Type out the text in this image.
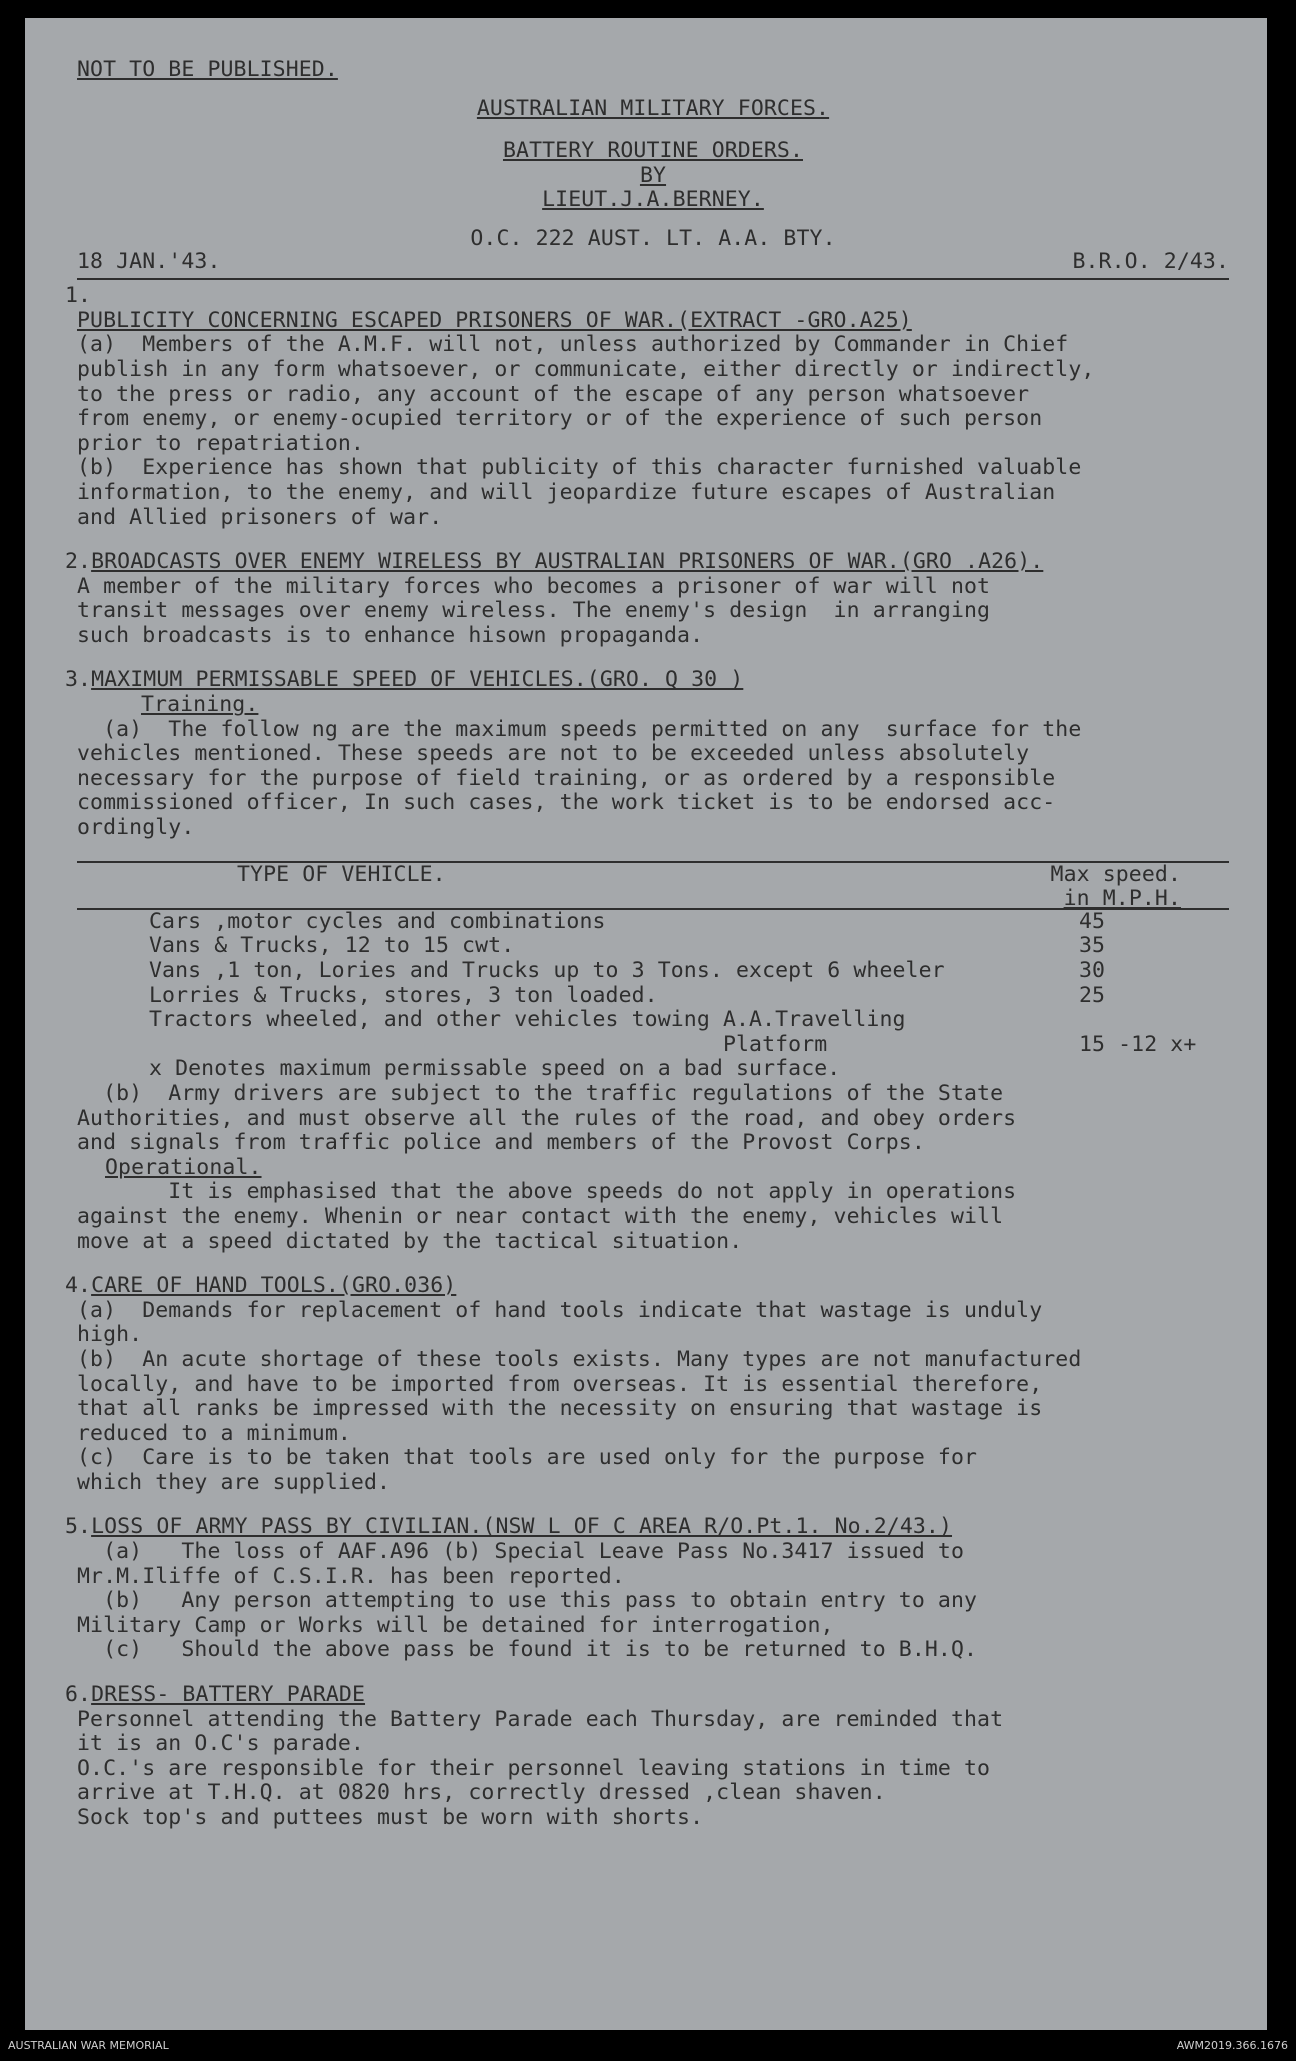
NOT TO BE PUBLISHED.
AUSTRALIAN MILITARY FORCES.
BATTERY ROUTINE ORDERS.
BY
LIEUT.J.A.BERNEY.
O.C. 222 AUST. LT. A.A. BTY.
18 JAN.'43.	B.R.O. 2/43.
1.
PUBLICITY CONCERNING ESCAPED PRISONERS OF WAR.(EXTRACT -GRO.A25)
(a)  Members of the A.M.F. will not, unless authorized by Commander in Chief
publish in any form whatsoever, or communicate, either directly or indirectly,
to the press or radio, any account of the escape of any person whatsoever
from enemy, or enemy-ocupied territory or of the experience of such person
prior to repatriation.
(b)  Experience has shown that publicity of this character furnished valuable
information, to the enemy, and will jeopardize future escapes of Australian
and Allied prisoners of war.
2. BROADCASTS OVER ENEMY WIRELESS BY AUSTRALIAN PRISONERS OF WAR.(GRO .A26).
A member of the military forces who becomes a prisoner of war will not
transit messages over enemy wireless. The enemy's design  in arranging
such broadcasts is to enhance hisown propaganda.
3. MAXIMUM PERMISSABLE SPEED OF VEHICLES.(GRO. Q 30 )
Training.
(a)  The follow ng are the maximum speeds permitted on any  surface for the
vehicles mentioned. These speeds are not to be exceeded unless absolutely
necessary for the purpose of field training, or as ordered by a responsible
commissioned officer, In such cases, the work ticket is to be endorsed acc-
ordingly.
TYPE OF VEHICLE.	Max speed.
in M.P.H.
Cars ,motor cycles and combinations	45
Vans & Trucks, 12 to 15 cwt.	35
Vans ,1 ton, Lories and Trucks up to 3 Tons. except 6 wheeler	30
Lorries & Trucks, stores, 3 ton loaded.	25
Tractors wheeled, and other vehicles towing A.A.Travelling
Platform	15 -12 x+
x Denotes maximum permissable speed on a bad surface.
(b)  Army drivers are subject to the traffic regulations of the State
Authorities, and must observe all the rules of the road, and obey orders
and signals from traffic police and members of the Provost Corps.
Operational.
It is emphasised that the above speeds do not apply in operations
against the enemy. Whenin or near contact with the enemy, vehicles will
move at a speed dictated by the tactical situation.
4. CARE OF HAND TOOLS.(GRO.036)
(a)  Demands for replacement of hand tools indicate that wastage is unduly
high.
(b)  An acute shortage of these tools exists. Many types are not manufactured
locally, and have to be imported from overseas. It is essential therefore,
that all ranks be impressed with the necessity on ensuring that wastage is
reduced to a minimum.
(c)  Care is to be taken that tools are used only for the purpose for
which they are supplied.
5. LOSS OF ARMY PASS BY CIVILIAN.(NSW L OF C AREA R/O.Pt.1. No.2/43.)
(a)   The loss of AAF.A96 (b) Special Leave Pass No.3417 issued to
Mr.M.Iliffe of C.S.I.R. has been reported.
(b)   Any person attempting to use this pass to obtain entry to any
Military Camp or Works will be detained for interrogation,
(c)   Should the above pass be found it is to be returned to B.H.Q.
6. DRESS- BATTERY PARADE
Personnel attending the Battery Parade each Thursday, are reminded that
it is an O.C's parade.
O.C.'s are responsible for their personnel leaving stations in time to
arrive at T.H.Q. at 0820 hrs, correctly dressed ,clean shaven.
Sock top's and puttees must be worn with shorts.
AUSTRALIAN WAR MEMORIAL	AWM2019.366.1676
